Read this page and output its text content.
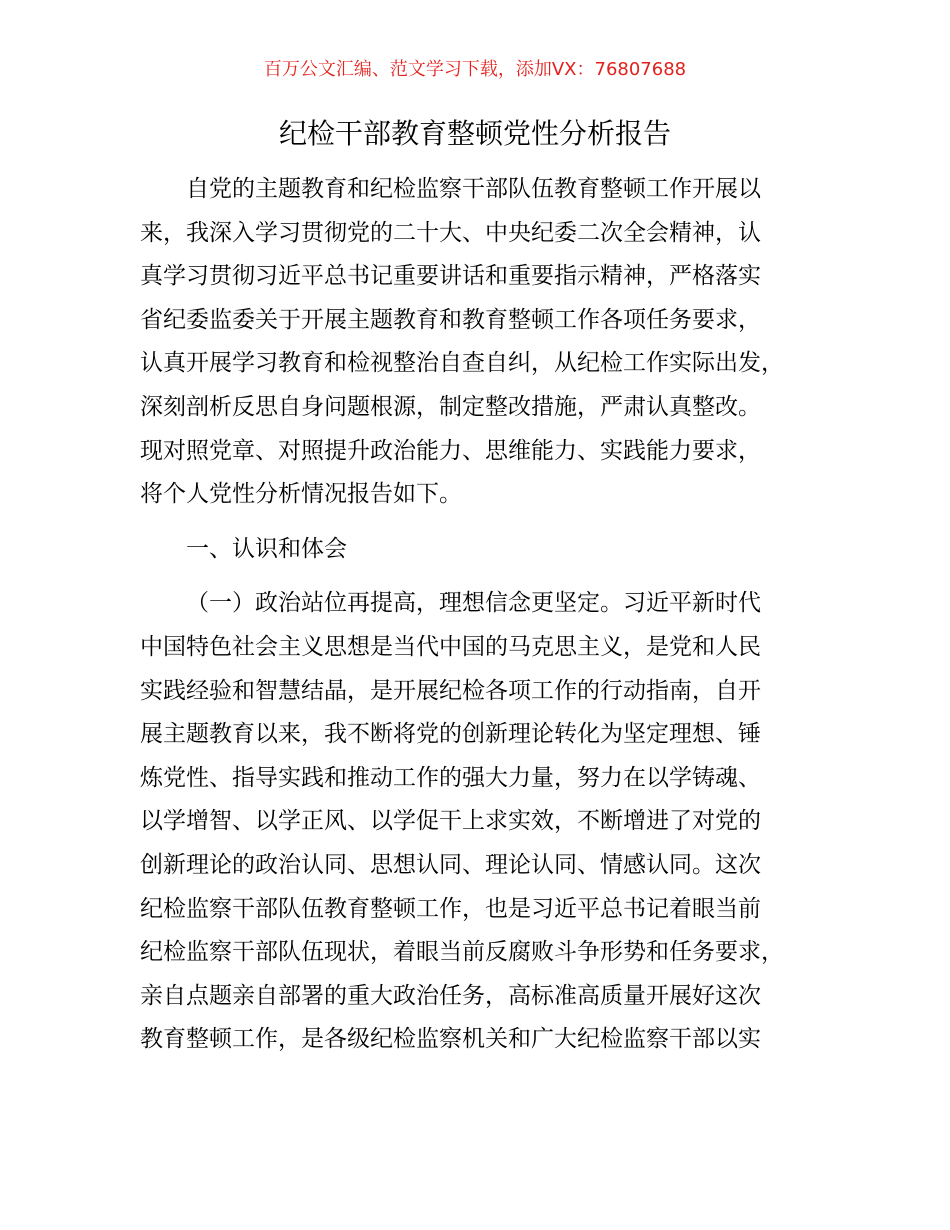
百万公文汇编、范文学习下载，添加VX：76807688
纪检干部教育整顿党性分析报告
自党的主题教育和纪检监察干部队伍教育整顿工作开展以
来，我深入学习贯彻党的二十大、中央纪委二次全会精神，认
真学习贯彻习近平总书记重要讲话和重要指示精神，严格落实
省纪委监委关于开展主题教育和教育整顿工作各项任务要求，
认真开展学习教育和检视整治自查自纠，从纪检工作实际出发，
深刻剖析反思自身问题根源，制定整改措施，严肃认真整改。
现对照党章、对照提升政治能力、思维能力、实践能力要求，
将个人党性分析情况报告如下。
一、认识和体会
（一）政治站位再提高，理想信念更坚定。习近平新时代
中国特色社会主义思想是当代中国的马克思主义，是党和人民
实践经验和智慧结晶，是开展纪检各项工作的行动指南，自开
展主题教育以来，我不断将党的创新理论转化为坚定理想、锤
炼党性、指导实践和推动工作的强大力量，努力在以学铸魂、
以学增智、以学正风、以学促干上求实效，不断增进了对党的
创新理论的政治认同、思想认同、理论认同、情感认同。这次
纪检监察干部队伍教育整顿工作，也是习近平总书记着眼当前
纪检监察干部队伍现状，着眼当前反腐败斗争形势和任务要求，
亲自点题亲自部署的重大政治任务，高标准高质量开展好这次
教育整顿工作，是各级纪检监察机关和广大纪检监察干部以实
